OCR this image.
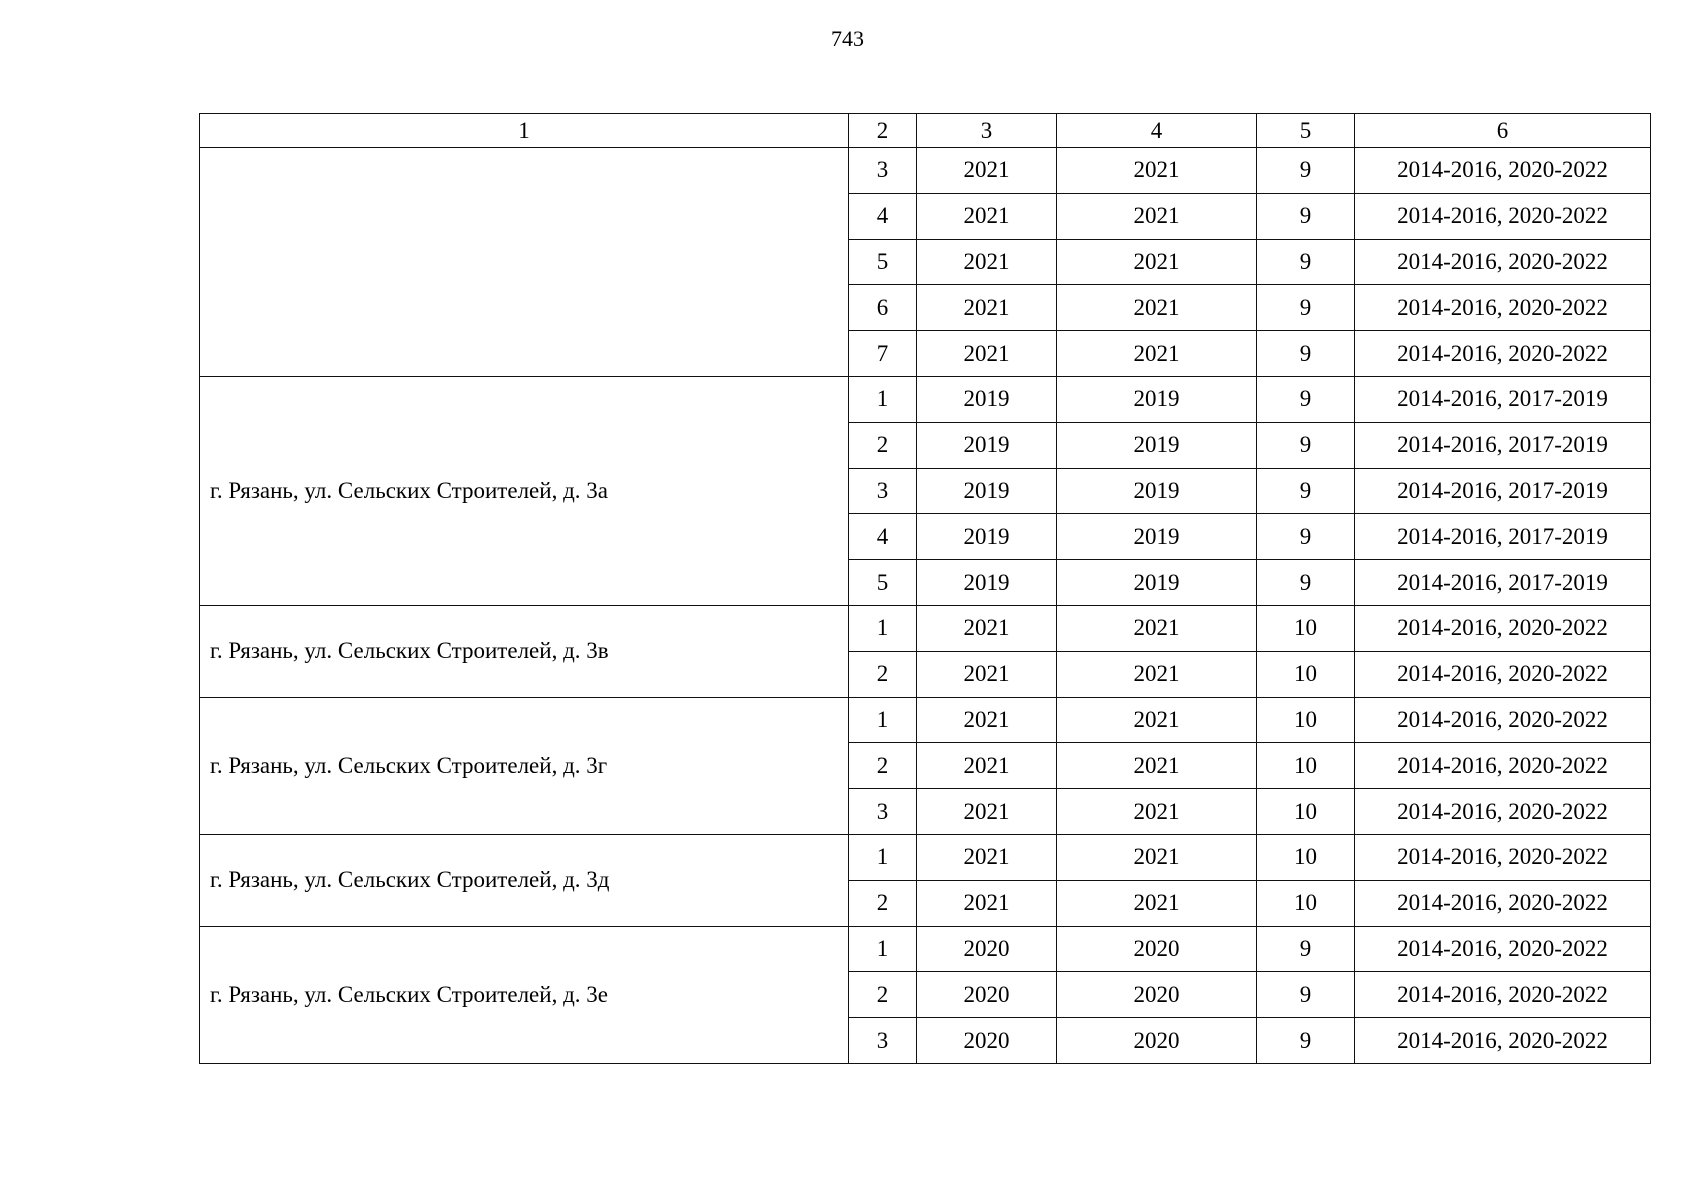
743
1	2	3	4	5	6
	3	2021	2021	9	2014-2016, 2020-2022
	4	2021	2021	9	2014-2016, 2020-2022
	5	2021	2021	9	2014-2016, 2020-2022
	6	2021	2021	9	2014-2016, 2020-2022
	7	2021	2021	9	2014-2016, 2020-2022
г. Рязань, ул. Сельских Строителей, д. 3а	1	2019	2019	9	2014-2016, 2017-2019
	2	2019	2019	9	2014-2016, 2017-2019
	3	2019	2019	9	2014-2016, 2017-2019
	4	2019	2019	9	2014-2016, 2017-2019
	5	2019	2019	9	2014-2016, 2017-2019
г. Рязань, ул. Сельских Строителей, д. 3в	1	2021	2021	10	2014-2016, 2020-2022
	2	2021	2021	10	2014-2016, 2020-2022
г. Рязань, ул. Сельских Строителей, д. 3г	1	2021	2021	10	2014-2016, 2020-2022
	2	2021	2021	10	2014-2016, 2020-2022
	3	2021	2021	10	2014-2016, 2020-2022
г. Рязань, ул. Сельских Строителей, д. 3д	1	2021	2021	10	2014-2016, 2020-2022
	2	2021	2021	10	2014-2016, 2020-2022
г. Рязань, ул. Сельских Строителей, д. 3е	1	2020	2020	9	2014-2016, 2020-2022
	2	2020	2020	9	2014-2016, 2020-2022
	3	2020	2020	9	2014-2016, 2020-2022
